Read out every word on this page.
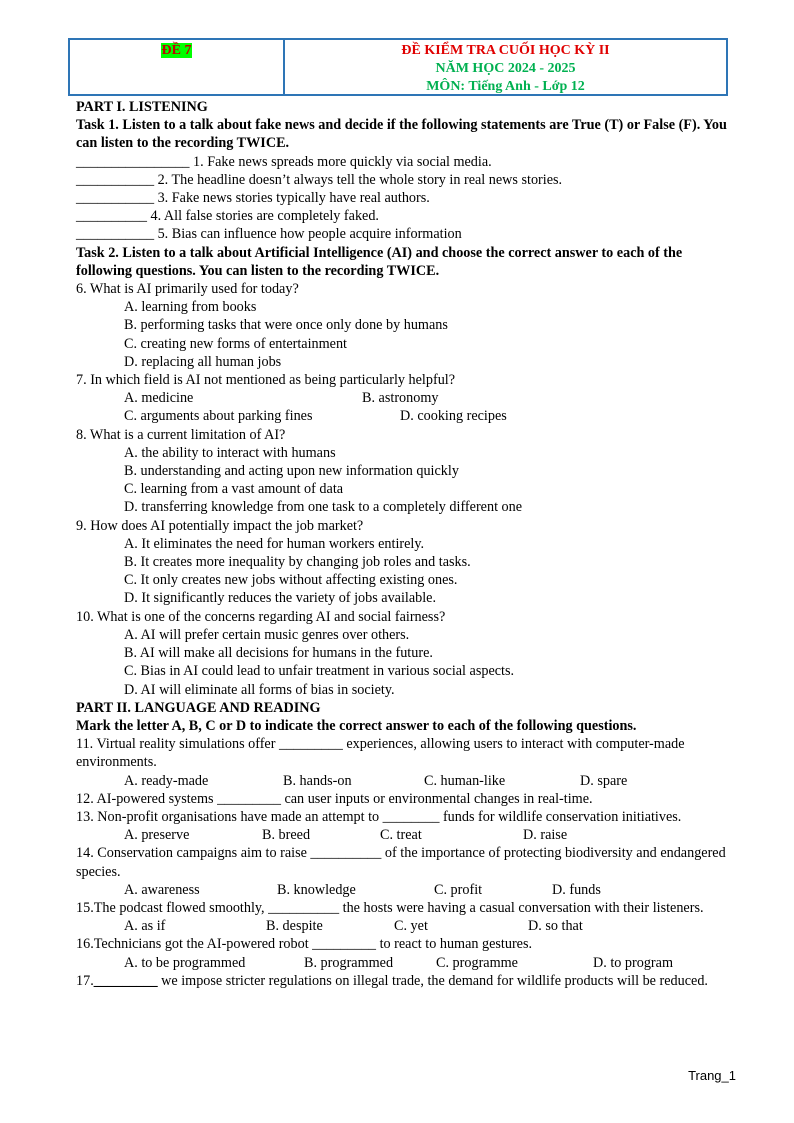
ĐỀ 7	ĐỀ KIỂM TRA CUỐI HỌC KỲ II
NĂM HỌC 2024 - 2025
MÔN: Tiếng Anh - Lớp 12
PART I. LISTENING
Task 1. Listen to a talk about fake news and decide if the following statements are True (T) or False (F). You can listen to the recording TWICE.
________________ 1. Fake news spreads more quickly via social media.
___________ 2. The headline doesn’t always tell the whole story in real news stories.
___________ 3. Fake news stories typically have real authors.
__________ 4. All false stories are completely faked.
___________ 5. Bias can influence how people acquire information
Task 2. Listen to a talk about Artificial Intelligence (AI) and choose the correct answer to each of the following questions. You can listen to the recording TWICE.
6. What is AI primarily used for today?
A. learning from books
B. performing tasks that were once only done by humans
C. creating new forms of entertainment
D. replacing all human jobs
7. In which field is AI not mentioned as being particularly helpful?
A. medicine	B. astronomy
C. arguments about parking fines	D. cooking recipes
8. What is a current limitation of AI?
A. the ability to interact with humans
B. understanding and acting upon new information quickly
C. learning from a vast amount of data
D. transferring knowledge from one task to a completely different one
9. How does AI potentially impact the job market?
A. It eliminates the need for human workers entirely.
B. It creates more inequality by changing job roles and tasks.
C. It only creates new jobs without affecting existing ones.
D. It significantly reduces the variety of jobs available.
10. What is one of the concerns regarding AI and social fairness?
A. AI will prefer certain music genres over others.
B. AI will make all decisions for humans in the future.
C. Bias in AI could lead to unfair treatment in various social aspects.
D. AI will eliminate all forms of bias in society.
PART II. LANGUAGE AND READING
Mark the letter A, B, C or D to indicate the correct answer to each of the following questions.
11. Virtual reality simulations offer _________ experiences, allowing users to interact with computer-made environments.
A. ready-made	B. hands-on	C. human-like	D. spare
12. AI-powered systems _________ can user inputs or environmental changes in real-time.
13. Non-profit organisations have made an attempt to ________ funds for wildlife conservation initiatives.
A. preserve	B. breed	C. treat	D. raise
14. Conservation campaigns aim to raise __________ of the importance of protecting biodiversity and endangered species.
A. awareness	B. knowledge	C. profit	D. funds
15.The podcast flowed smoothly, __________ the hosts were having a casual conversation with their listeners.
A. as if	B. despite	C. yet	D. so that
16.Technicians got the AI-powered robot _________ to react to human gestures.
A. to be programmed	B. programmed	C. programme	D. to program
17._________ we impose stricter regulations on illegal trade, the demand for wildlife products will be reduced.
Trang_1
